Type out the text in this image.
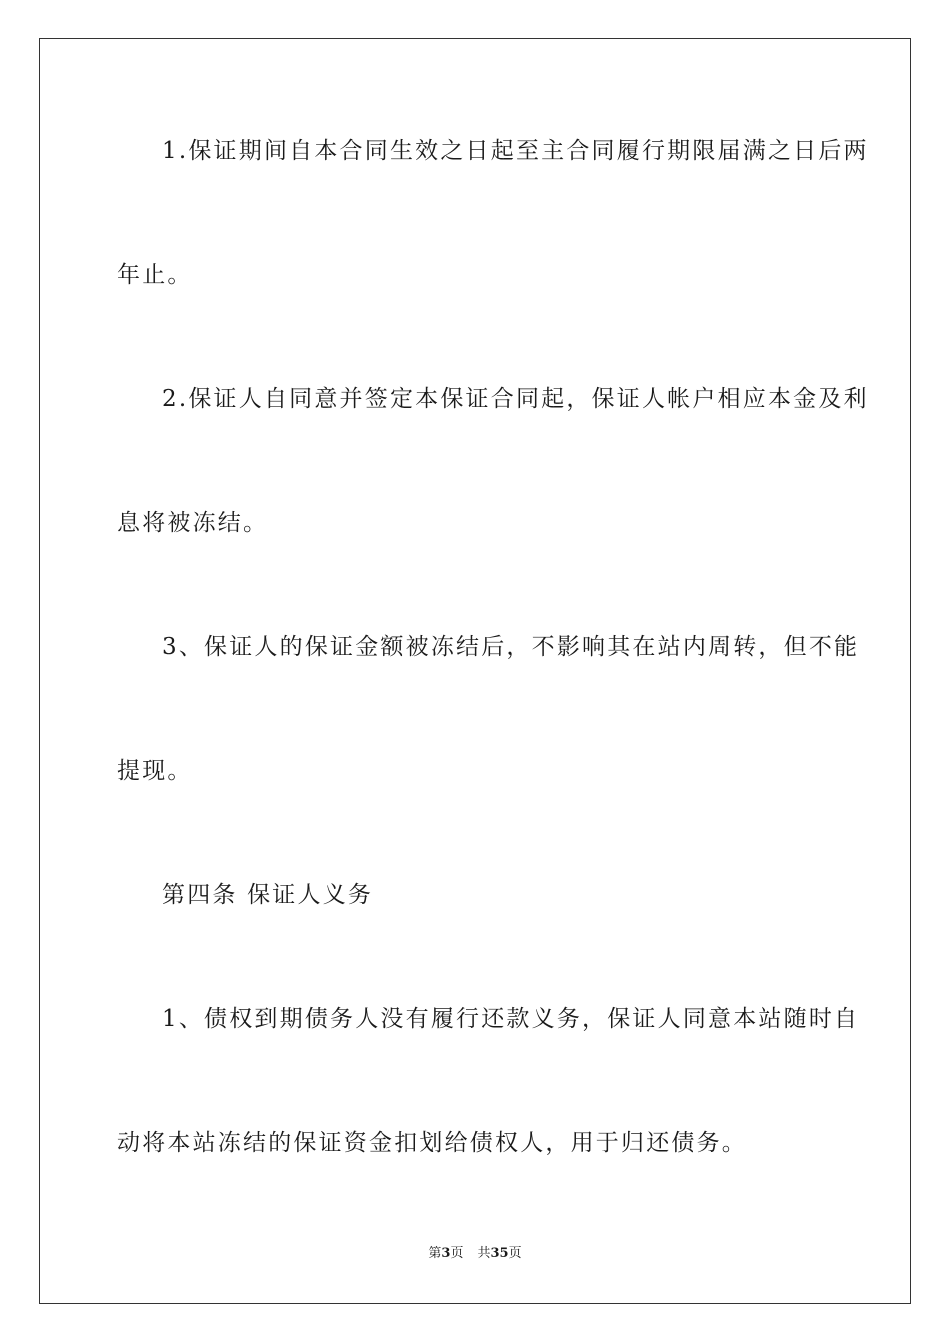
1.保证期间自本合同生效之日起至主合同履行期限届满之日后两
年止。
2.保证人自同意并签定本保证合同起，保证人帐户相应本金及利
息将被冻结。
3、保证人的保证金额被冻结后，不影响其在站内周转，但不能
提现。
第四条 保证人义务
1、债权到期债务人没有履行还款义务，保证人同意本站随时自
动将本站冻结的保证资金扣划给债权人，用于归还债务。
第3页 共35页
